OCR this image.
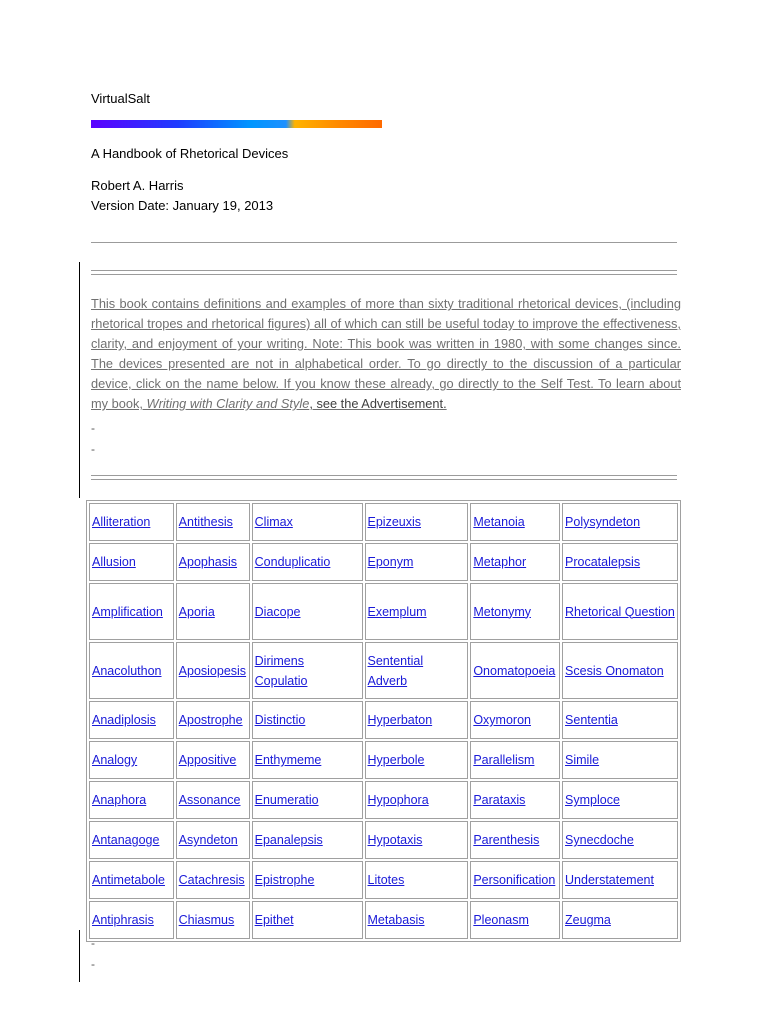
VirtualSalt
A Handbook of Rhetorical Devices
Robert A. Harris
Version Date: January 19, 2013
This book contains definitions and examples of more than sixty traditional rhetorical devices, (including rhetorical tropes and rhetorical figures) all of which can still be useful today to improve the effectiveness, clarity, and enjoyment of your writing. Note: This book was written in 1980, with some changes since. The devices presented are not in alphabetical order. To go directly to the discussion of a particular device, click on the name below. If you know these already, go directly to the Self Test. To learn about my book, Writing with Clarity and Style, see the Advertisement.
-
-
Alliteration	Antithesis	Climax	Epizeuxis	Metanoia	Polysyndeton
Allusion	Apophasis	Conduplicatio	Eponym	Metaphor	Procatalepsis
Amplification	Aporia	Diacope	Exemplum	Metonymy	Rhetorical Question
Anacoluthon	Aposiopesis	Dirimens Copulatio	Sentential Adverb	Onomatopoeia	Scesis Onomaton
Anadiplosis	Apostrophe	Distinctio	Hyperbaton	Oxymoron	Sententia
Analogy	Appositive	Enthymeme	Hyperbole	Parallelism	Simile
Anaphora	Assonance	Enumeratio	Hypophora	Parataxis	Symploce
Antanagoge	Asyndeton	Epanalepsis	Hypotaxis	Parenthesis	Synecdoche
Antimetabole	Catachresis	Epistrophe	Litotes	Personification	Understatement
Antiphrasis	Chiasmus	Epithet	Metabasis	Pleonasm	Zeugma
-
-
